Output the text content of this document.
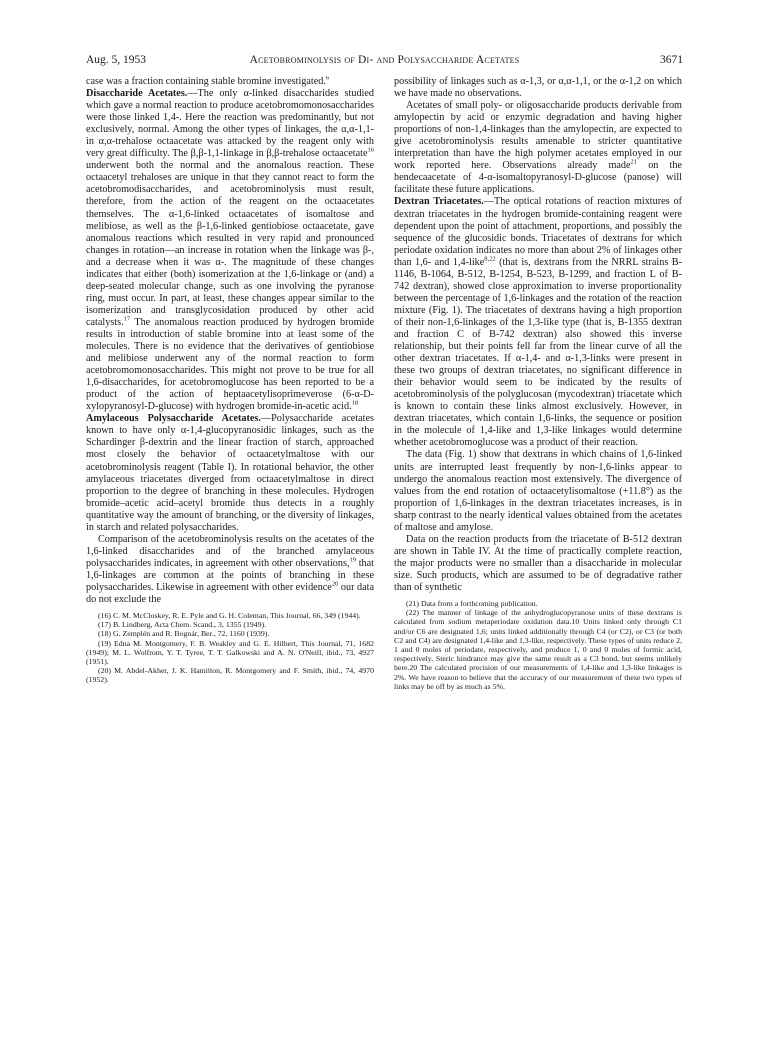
Aug. 5, 1953	Acetobrominolysis of Di- and Polysaccharide Acetates	3671

case was a fraction containing stable bromine investigated.$^6$

Disaccharide Acetates.—The only α-linked disaccharides studied which gave a normal reaction to produce acetobromomonosaccharides were those linked 1,4-. Here the reaction was predominantly, but not exclusively, normal. Among the other types of linkages, the α,α-1,1- in α,α-trehalose octaacetate was attacked by the reagent only with very great difficulty. The β,β-1,1-linkage in β,β-trehalose octaacetate$^{16}$ underwent both the normal and the anomalous reaction. These octaacetyl trehaloses are unique in that they cannot react to form the acetobromodisaccharides, and acetobrominolysis must result, therefore, from the action of the reagent on the octaacetates themselves. The α-1,6-linked octaacetates of isomaltose and melibiose, as well as the β-1,6-linked gentiobiose octaacetate, gave anomalous reactions which resulted in very rapid and pronounced changes in rotation—an increase in rotation when the linkage was β-, and a decrease when it was α-. The magnitude of these changes indicates that either (both) isomerization at the 1,6-linkage or (and) a deep-seated molecular change, such as one involving the pyranose ring, must occur. In part, at least, these changes appear similar to the isomerization and transglycosidation produced by other acid catalysts.$^{17}$ The anomalous reaction produced by hydrogen bromide results in introduction of stable bromine into at least some of the molecules. There is no evidence that the derivatives of gentiobiose and melibiose underwent any of the normal reaction to form acetobromomonosaccharides. This might not prove to be true for all 1,6-disaccharides, for acetobromoglucose has been reported to be a product of the action of heptaacetylisoprimeverose (6-α-D-xylopyranosyl-D-glucose) with hydrogen bromide-in-acetic acid.$^{18}$

Amylaceous Polysaccharide Acetates.—Polysaccharide acetates known to have only α-1,4-glucopyranosidic linkages, such as the Schardinger β-dextrin and the linear fraction of starch, approached most closely the behavior of octaacetylmaltose with our acetobrominolysis reagent (Table I). In rotational behavior, the other amylaceous triacetates diverged from octaacetylmaltose in direct proportion to the degree of branching in these molecules. Hydrogen bromide–acetic acid–acetyl bromide thus detects in a roughly quantitative way the amount of branching, or the diversity of linkages, in starch and related polysaccharides.

Comparison of the acetobrominolysis results on the acetates of the 1,6-linked disaccharides and of the branched amylaceous polysaccharides indicates, in agreement with other observations,$^{19}$ that 1,6-linkages are common at the points of branching in these polysaccharides. Likewise in agreement with other evidence$^{20}$ our data do not exclude the

(16) C. M. McCloskey, R. E. Pyle and G. H. Coleman, This Journal, 66, 349 (1944).

(17) B. Lindberg, Acta Chem. Scand., 3, 1355 (1949).

(18) G. Zemplén and R. Bognár, Ber., 72, 1160 (1939).

(19) Edna M. Montgomery, F. B. Weakley and G. E. Hilbert, This Journal, 71, 1682 (1949); M. L. Wolfrom, Y. T. Tyree, T. T. Galkowski and A. N. O'Neill, ibid., 73, 4927 (1951).

(20) M. Abdel-Akher, J. K. Hamilton, R. Montgomery and F. Smith, ibid., 74, 4970 (1952).

possibility of linkages such as α-1,3, or α,α-1,1, or the α-1,2 on which we have made no observations.

Acetates of small poly- or oligosaccharide products derivable from amylopectin by acid or enzymic degradation and having higher proportions of non-1,4-linkages than the amylopectin, are expected to give acetobrominolysis results amenable to stricter quantitative interpretation than have the high polymer acetates employed in our work reported here. Observations already made$^{21}$ on the hendecaacetate of 4-α-isomaltopyranosyl-D-glucose (panose) will facilitate these future applications.

Dextran Triacetates.—The optical rotations of reaction mixtures of dextran triacetates in the hydrogen bromide-containing reagent were dependent upon the point of attachment, proportions, and possibly the sequence of the glucosidic bonds. Triacetates of dextrans for which periodate oxidation indicates no more than about 2% of linkages other than 1,6- and 1,4-like$^{8,22}$ (that is, dextrans from the NRRL strains B-1146, B-1064, B-512, B-1254, B-523, B-1299, and fraction L of B-742 dextran), showed close approximation to inverse proportionality between the percentage of 1,6-linkages and the rotation of the reaction mixture (Fig. 1). The triacetates of dextrans having a high proportion of their non-1,6-linkages of the 1,3-like type (that is, B-1355 dextran and fraction C of B-742 dextran) also showed this inverse relationship, but their points fell far from the linear curve of all the other dextran triacetates. If α-1,4- and α-1,3-links were present in these two groups of dextran triacetates, no significant difference in their behavior would seem to be indicated by the results of acetobrominolysis of the polyglucosan (mycodextran) triacetate which is known to contain these links almost exclusively. However, in dextran triacetates, which contain 1,6-links, the sequence or position in the molecule of 1,4-like and 1,3-like linkages would determine whether acetobromoglucose was a product of their reaction.

The data (Fig. 1) show that dextrans in which chains of 1,6-linked units are interrupted least frequently by non-1,6-links appear to undergo the anomalous reaction most extensively. The divergence of values from the end rotation of octaacetylisomaltose (+11.8°) as the proportion of 1,6-linkages in the dextran triacetates increases, is in sharp contrast to the nearly identical values obtained from the acetates of maltose and amylose.

Data on the reaction products from the triacetate of B-512 dextran are shown in Table IV. At the time of practically complete reaction, the major products were no smaller than a disaccharide in molecular size. Such products, which are assumed to be of degradative rather than of synthetic

(21) Data from a forthcoming publication.

(22) The manner of linkage of the anhydroglucopyranose units of these dextrans is calculated from sodium metaperiodate oxidation data.10 Units linked only through C1 and/or C6 are designated 1,6; units linked additionally through C4 (or C2), or C3 (or both C2 and C4) are designated 1,4-like and 1,3-like, respectively. These types of units reduce 2, 1 and 0 moles of periodate, respectively, and produce 1, 0 and 0 moles of formic acid, respectively. Steric hindrance may give the same result as a C3 bond, but seems unlikely here.20 The calculated precision of our measurements of 1,4-like and 1,3-like linkages is 2%. We have reason to believe that the accuracy of our measurement of these two types of links may be off by as much as 5%.
